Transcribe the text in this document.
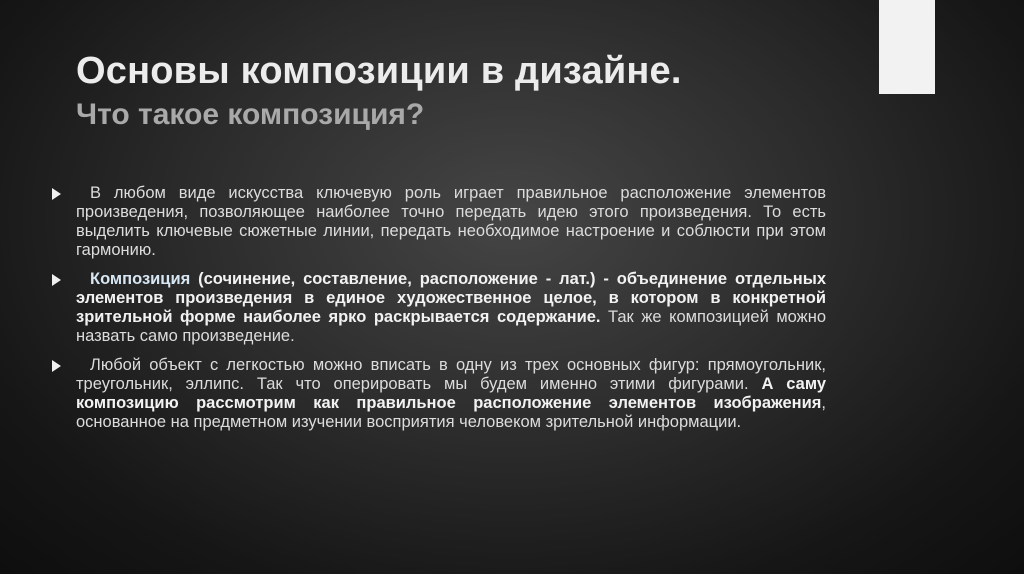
Основы композиции в дизайне.
Что такое композиция?
В любом виде искусства ключевую роль играет правильное расположение элементов произведения, позволяющее наиболее точно передать идею этого произведения. То есть выделить ключевые сюжетные линии, передать необходимое настроение и соблюсти при этом гармонию.
Композиция (сочинение, составление, расположение - лат.) - объединение отдельных элементов произведения в единое художественное целое, в котором в конкретной зрительной форме наиболее ярко раскрывается содержание. Так же композицией можно назвать само произведение.
Любой объект с легкостью можно вписать в одну из трех основных фигур: прямоугольник, треугольник, эллипс. Так что оперировать мы будем именно этими фигурами. А саму композицию рассмотрим как правильное расположение элементов изображения, основанное на предметном изучении восприятия человеком зрительной информации.
